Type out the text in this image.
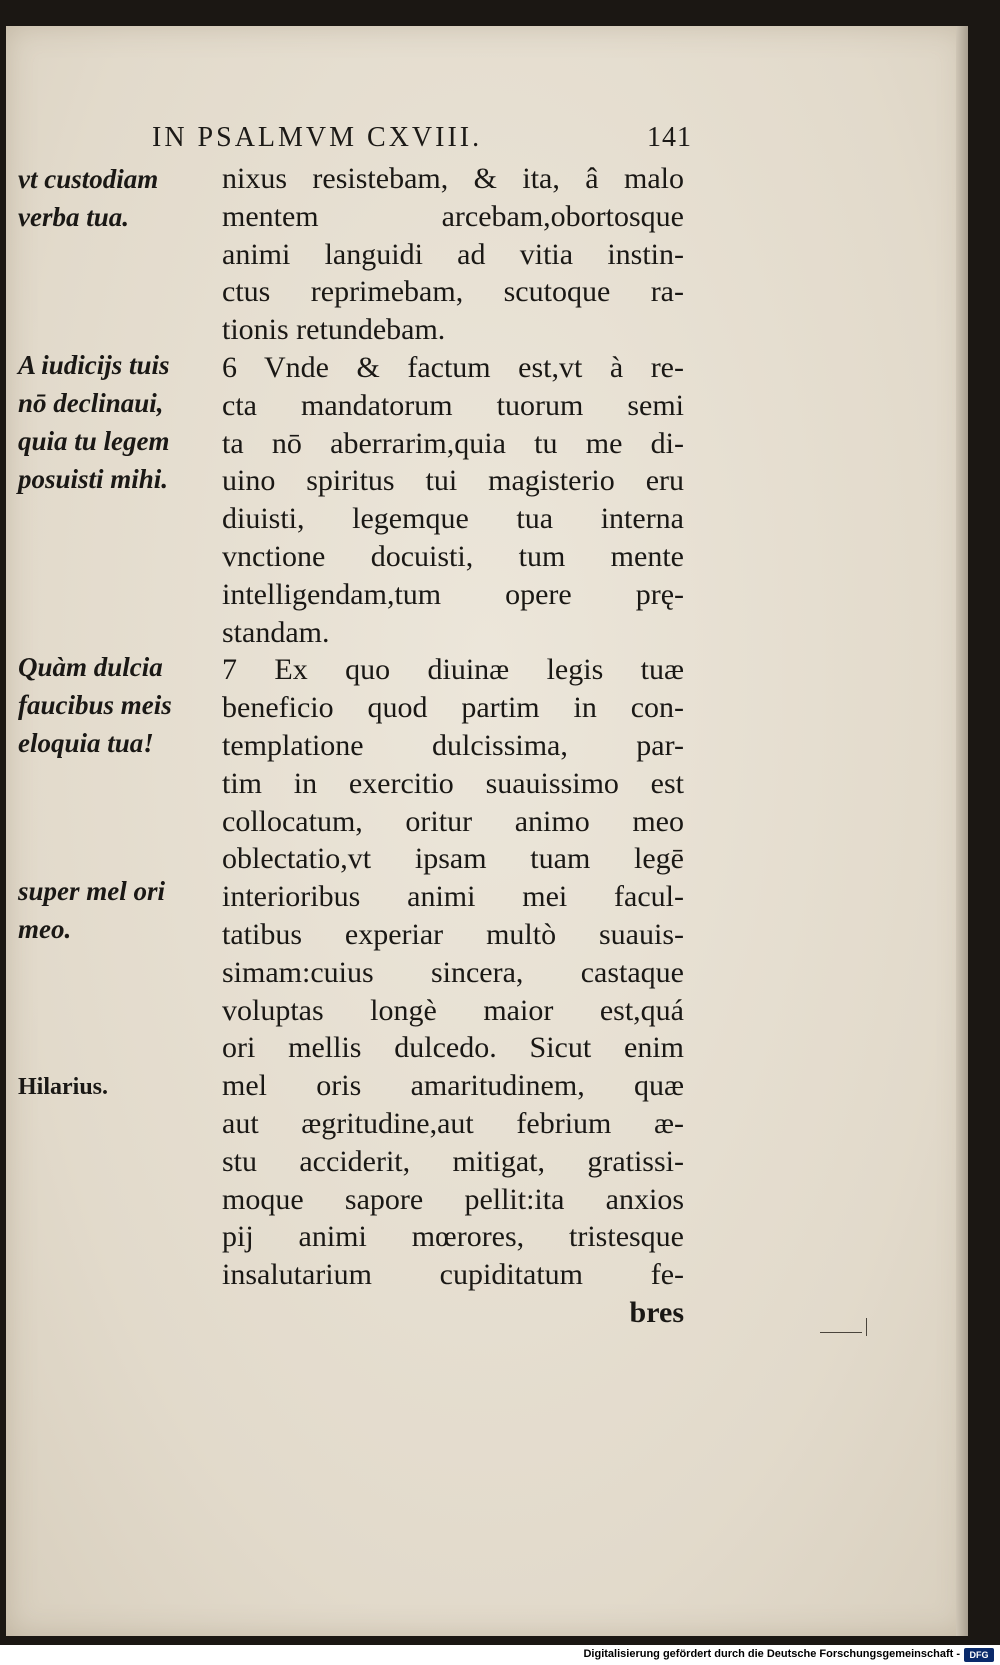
IN PSALMVM CXVIII.	141
vt custodiam
verba tua.
A iudicijs tuis
nō declinaui,
quia tu legem
posuisti mihi.
Quàm dulcia
faucibus meis
eloquia tua!
super mel ori
meo.
Hilarius.
nixus resistebam, & ita, â malo
mentem arcebam,obortosque
animi languidi ad vitia instin-
ctus reprimebam, scutoque ra-
tionis retundebam.
6 Vnde & factum est,vt à re-
cta mandatorum tuorum semi
ta nō aberrarim,quia tu me di-
uino spiritus tui magisterio eru
diuisti, legemque tua interna
vnctione docuisti, tum mente
intelligendam,tum opere prę-
standam.
7 Ex quo diuinæ legis tuæ
beneficio quod partim in con-
templatione dulcissima, par-
tim in exercitio suauissimo est
collocatum, oritur animo meo
oblectatio,vt ipsam tuam legē
interioribus animi mei facul-
tatibus experiar multò suauis-
simam:cuius sincera, castaque
voluptas longè maior est,quá
ori mellis dulcedo. Sicut enim
mel oris amaritudinem, quæ
aut ægritudine,aut febrium æ-
stu acciderit, mitigat, gratissi-
moque sapore pellit:ita anxios
pij animi mœrores, tristesque
insalutarium cupiditatum fe-
bres
Digitalisierung gefördert durch die Deutsche Forschungsgemeinschaft -	DFG
